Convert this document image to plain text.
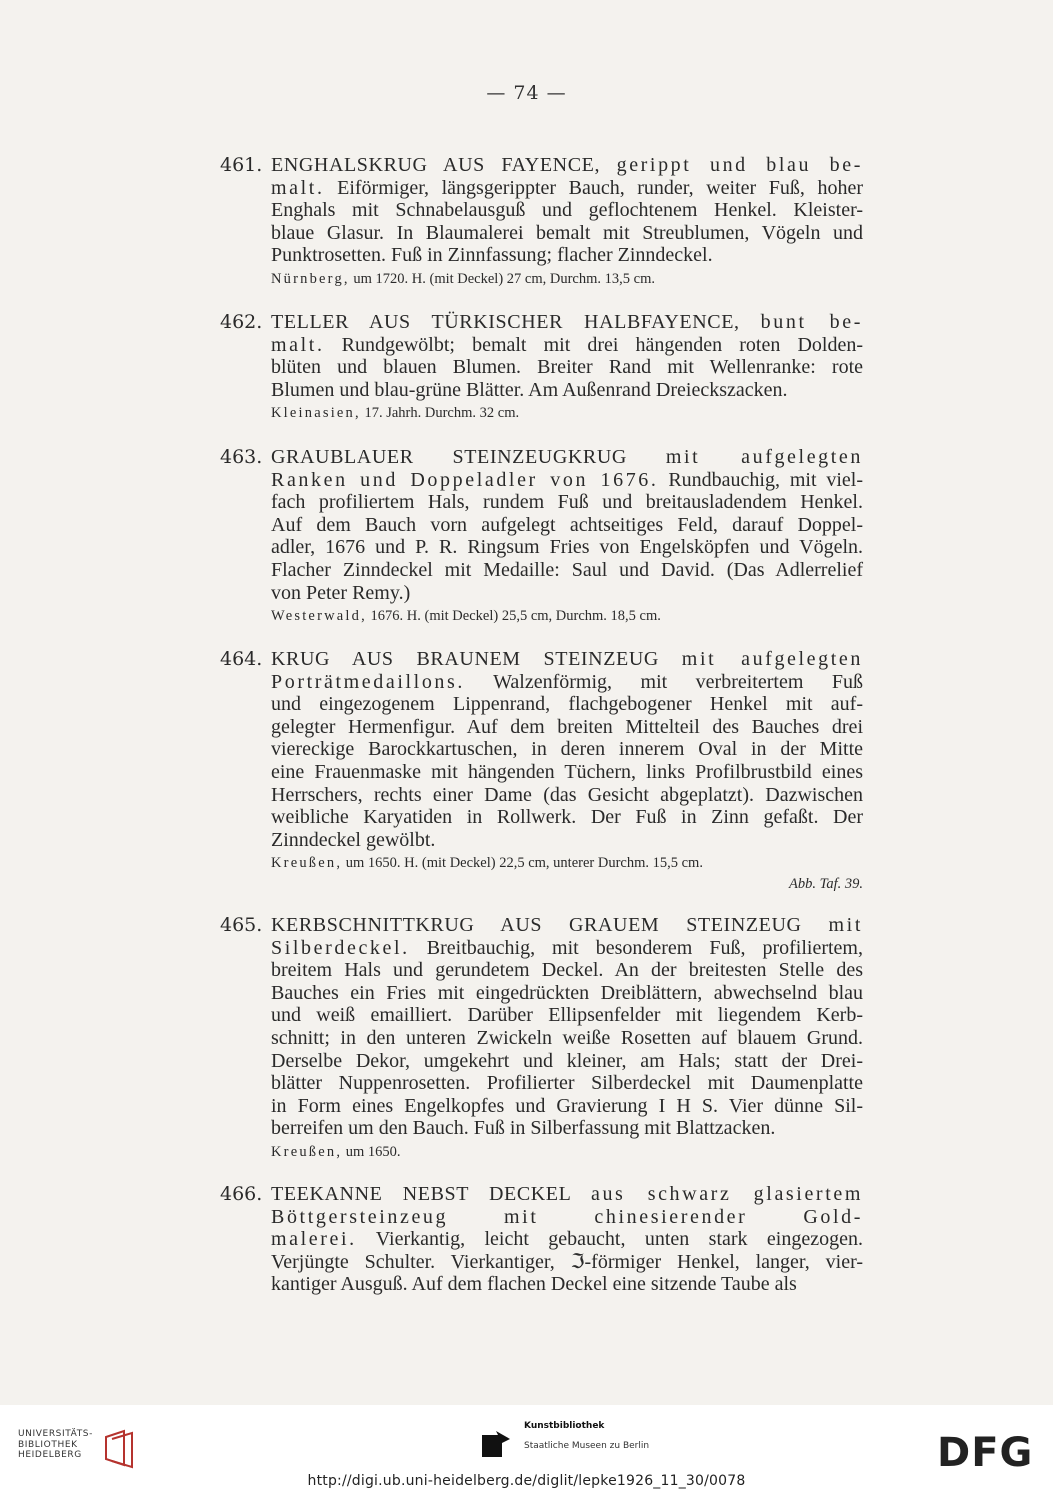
— 74 —
461. ENGHALSKRUG AUS FAYENCE, gerippt und blau be-
malt. Eiförmiger, längsgerippter Bauch, runder, weiter Fuß, hoher
Enghals mit Schnabelausguß und geflochtenem Henkel. Kleister-
blaue Glasur. In Blaumalerei bemalt mit Streublumen, Vögeln und
Punktrosetten. Fuß in Zinnfassung; flacher Zinndeckel.
Nürnberg, um 1720. H. (mit Deckel) 27 cm, Durchm. 13,5 cm.
462. TELLER AUS TÜRKISCHER HALBFAYENCE, bunt be-
malt. Rundgewölbt; bemalt mit drei hängenden roten Dolden-
blüten und blauen Blumen. Breiter Rand mit Wellenranke: rote
Blumen und blau-grüne Blätter. Am Außenrand Dreieckszacken.
Kleinasien, 17. Jahrh. Durchm. 32 cm.
463. GRAUBLAUER STEINZEUGKRUG mit aufgelegten
Ranken und Doppeladler von 1676. Rundbauchig, mit viel-
fach profiliertem Hals, rundem Fuß und breitausladendem Henkel.
Auf dem Bauch vorn aufgelegt achtseitiges Feld, darauf Doppel-
adler, 1676 und P. R. Ringsum Fries von Engelsköpfen und Vögeln.
Flacher Zinndeckel mit Medaille: Saul und David. (Das Adlerrelief
von Peter Remy.)
Westerwald, 1676. H. (mit Deckel) 25,5 cm, Durchm. 18,5 cm.
464. KRUG AUS BRAUNEM STEINZEUG mit aufgelegten
Porträtmedaillons. Walzenförmig, mit verbreitertem Fuß
und eingezogenem Lippenrand, flachgebogener Henkel mit auf-
gelegter Hermenfigur. Auf dem breiten Mittelteil des Bauches drei
viereckige Barockkartuschen, in deren innerem Oval in der Mitte
eine Frauenmaske mit hängenden Tüchern, links Profilbrustbild eines
Herrschers, rechts einer Dame (das Gesicht abgeplatzt). Dazwischen
weibliche Karyatiden in Rollwerk. Der Fuß in Zinn gefaßt. Der
Zinndeckel gewölbt.
Kreußen, um 1650. H. (mit Deckel) 22,5 cm, unterer Durchm. 15,5 cm.
Abb. Taf. 39.
465. KERBSCHNITTKRUG AUS GRAUEM STEINZEUG mit
Silberdeckel. Breitbauchig, mit besonderem Fuß, profiliertem,
breitem Hals und gerundetem Deckel. An der breitesten Stelle des
Bauches ein Fries mit eingedrückten Dreiblättern, abwechselnd blau
und weiß emailliert. Darüber Ellipsenfelder mit liegendem Kerb-
schnitt; in den unteren Zwickeln weiße Rosetten auf blauem Grund.
Derselbe Dekor, umgekehrt und kleiner, am Hals; statt der Drei-
blätter Nuppenrosetten. Profilierter Silberdeckel mit Daumenplatte
in Form eines Engelkopfes und Gravierung I H S. Vier dünne Sil-
berreifen um den Bauch. Fuß in Silberfassung mit Blattzacken.
Kreußen, um 1650.
466. TEEKANNE NEBST DECKEL aus schwarz glasiertem
Böttgersteinzeug mit chinesierender Gold-
malerei. Vierkantig, leicht gebaucht, unten stark eingezogen.
Verjüngte Schulter. Vierkantiger, ℑ-förmiger Henkel, langer, vier-
kantiger Ausguß. Auf dem flachen Deckel eine sitzende Taube als
UNIVERSITÄTS-
BIBLIOTHEK
HEIDELBERG
Kunstbibliothek
Staatliche Museen zu Berlin	DFG
http://digi.ub.uni-heidelberg.de/diglit/lepke1926_11_30/0078
